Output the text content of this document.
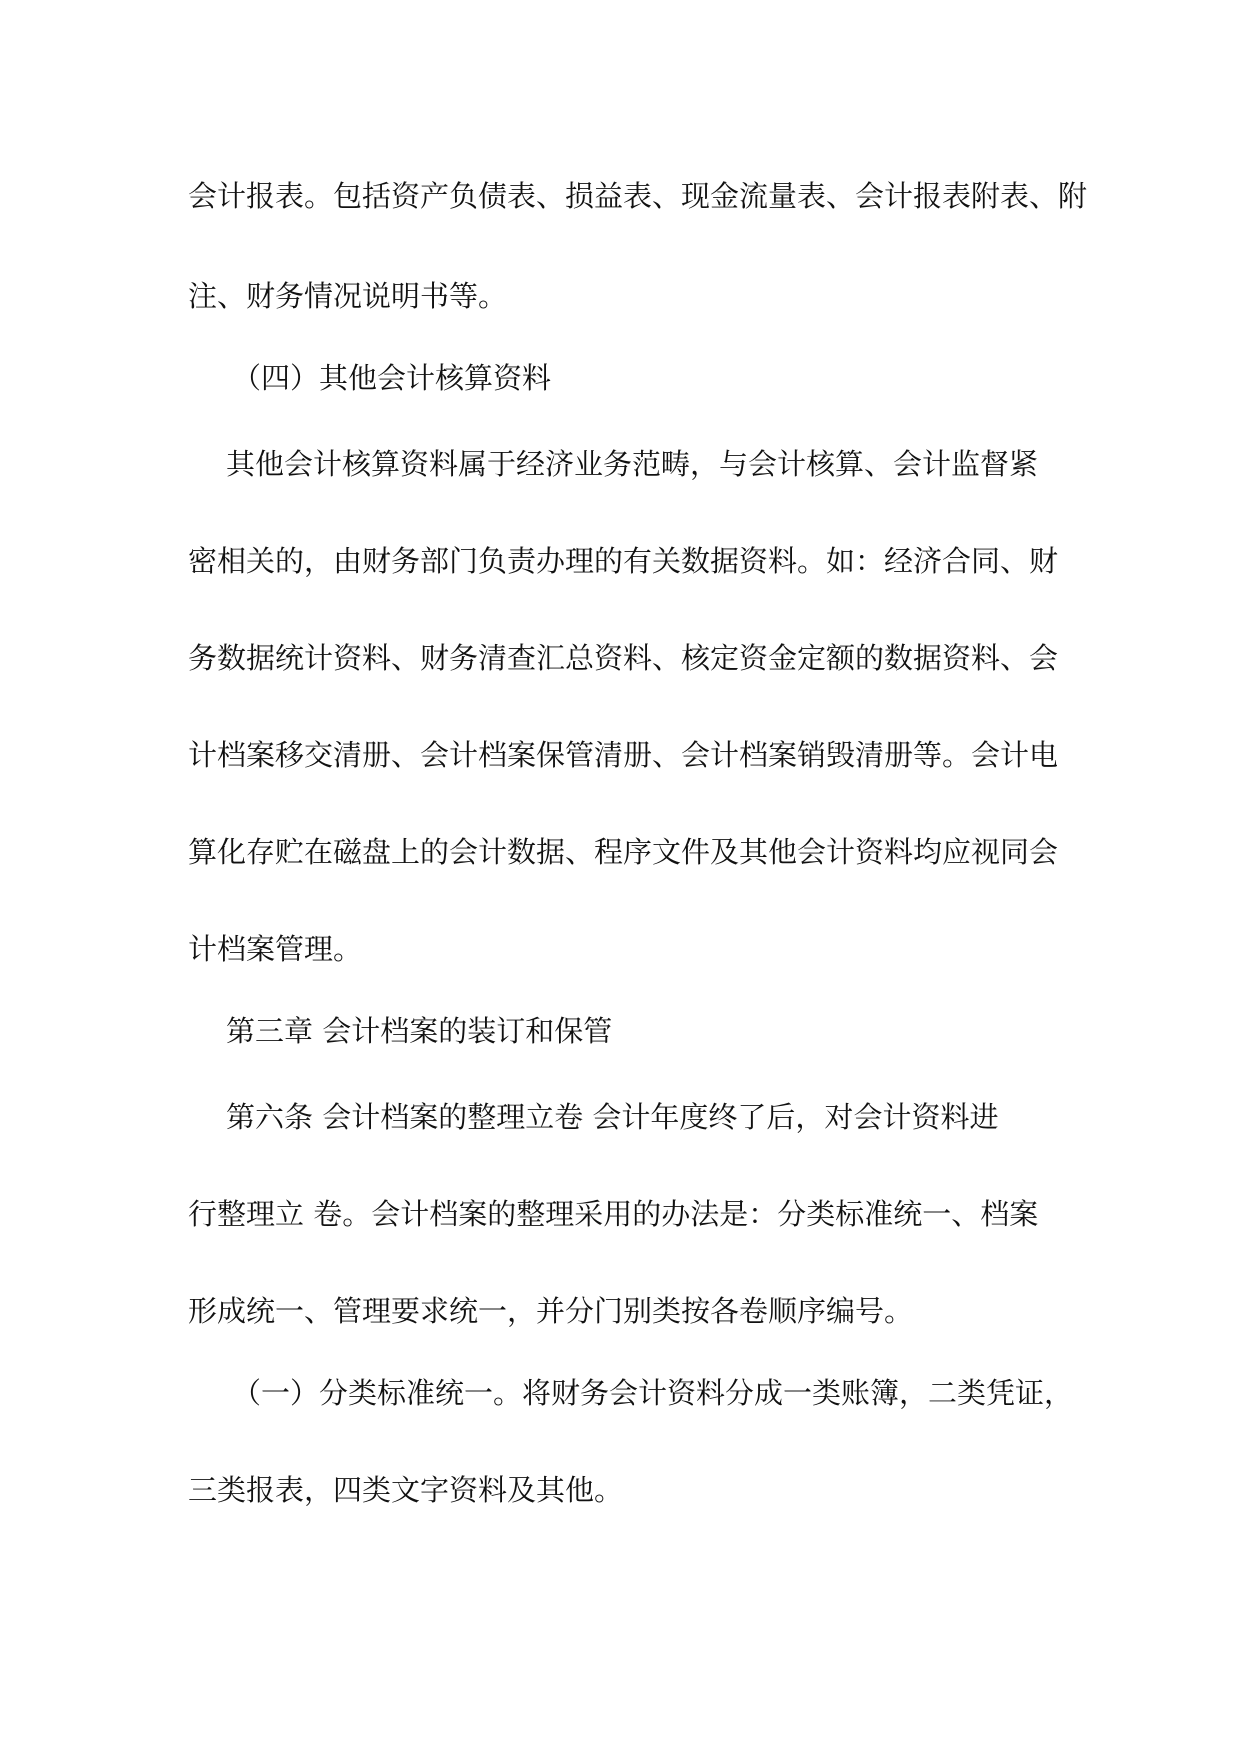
会计报表。包括资产负债表、损益表、现金流量表、会计报表附表、附
注、财务情况说明书等。
（四）其他会计核算资料
其他会计核算资料属于经济业务范畴，与会计核算、会计监督紧
密相关的，由财务部门负责办理的有关数据资料。如：经济合同、财
务数据统计资料、财务清查汇总资料、核定资金定额的数据资料、会
计档案移交清册、会计档案保管清册、会计档案销毁清册等。会计电
算化存贮在磁盘上的会计数据、程序文件及其他会计资料均应视同会
计档案管理。
第三章 会计档案的装订和保管
第六条 会计档案的整理立卷 会计年度终了后，对会计资料进
行整理立 卷。会计档案的整理采用的办法是：分类标准统一、档案
形成统一、管理要求统一，并分门别类按各卷顺序编号。
（一）分类标准统一。将财务会计资料分成一类账簿，二类凭证，
三类报表，四类文字资料及其他。
